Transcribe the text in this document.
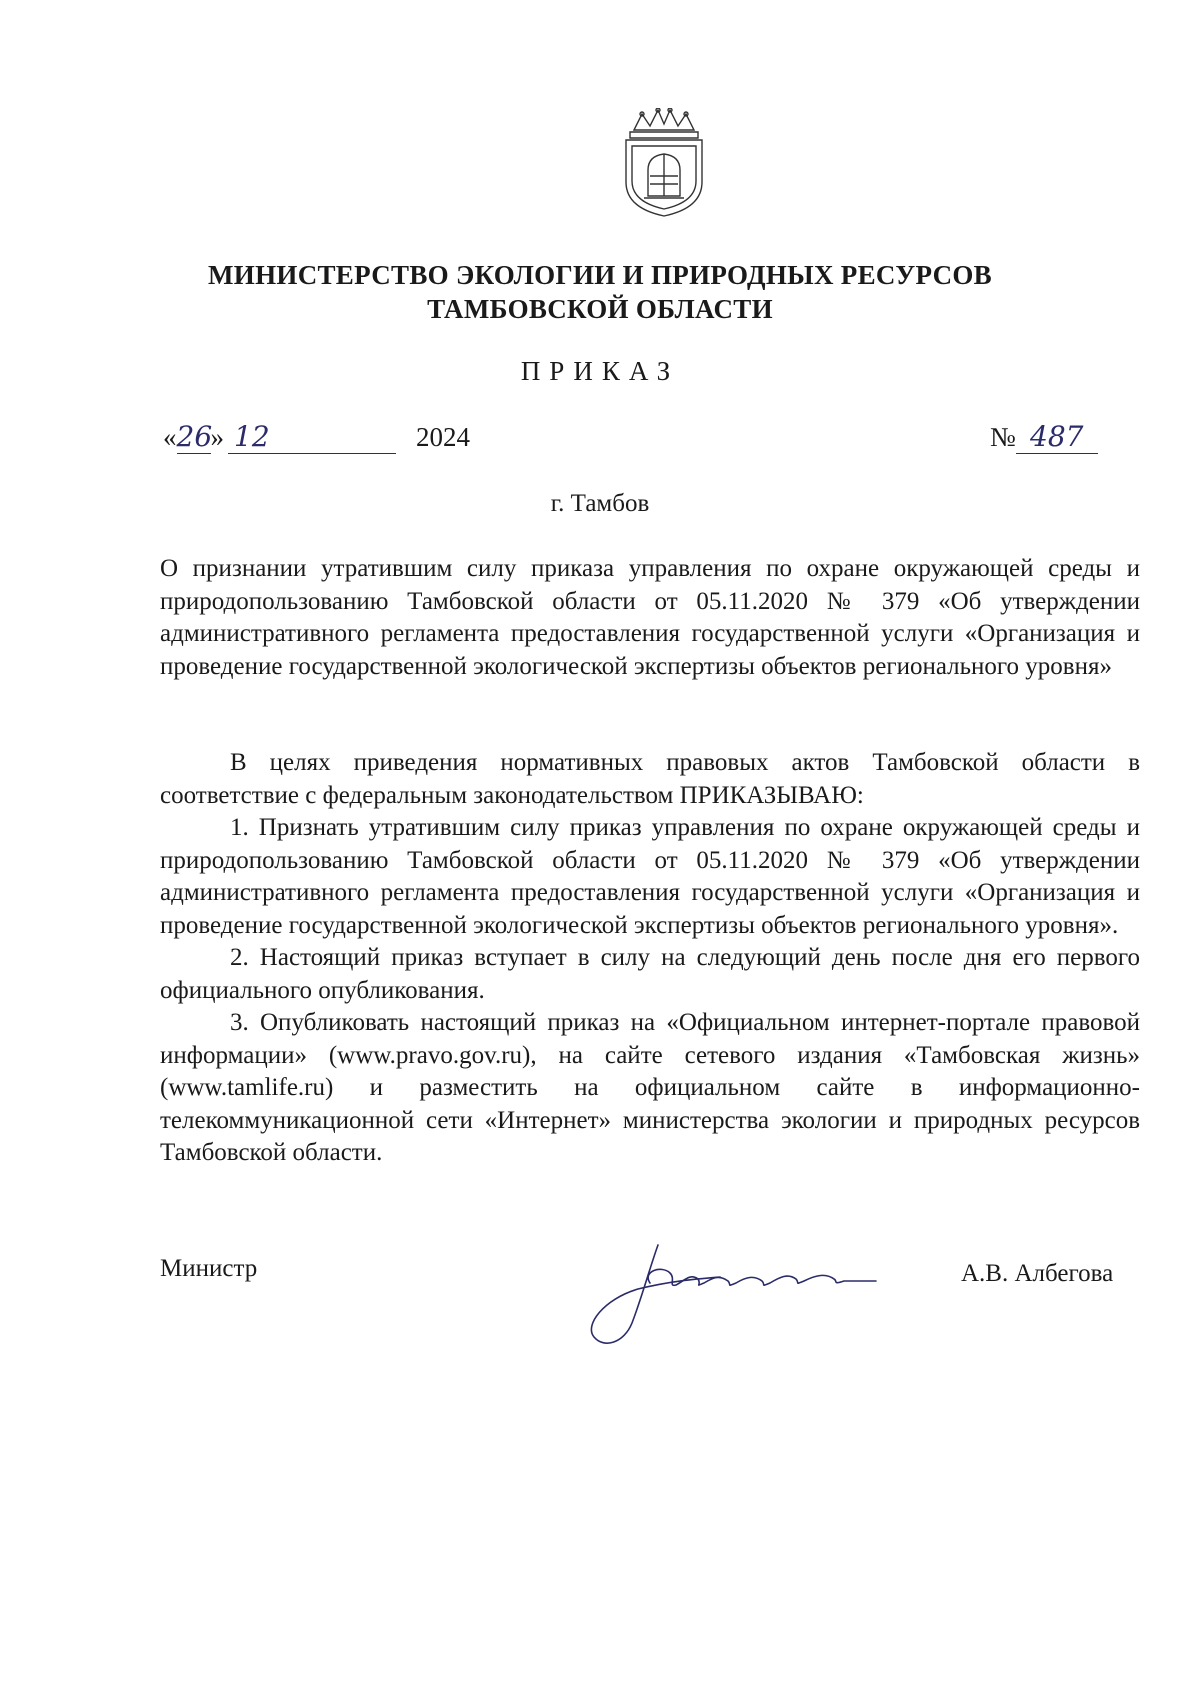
МИНИСТЕРСТВО ЭКОЛОГИИ И ПРИРОДНЫХ РЕСУРСОВ
ТАМБОВСКОЙ ОБЛАСТИ
ПРИКАЗ
«26» 12	2024	№ 487
г. Тамбов
О признании утратившим силу приказа управления по охране окружающей среды и природопользованию Тамбовской области от 05.11.2020 № 379 «Об утверждении административного регламента предоставления государственной услуги «Организация и проведение государственной экологической экспертизы объектов регионального уровня»

В целях приведения нормативных правовых актов Тамбовской области в соответствие с федеральным законодательством ПРИКАЗЫВАЮ:

1. Признать утратившим силу приказ управления по охране окружающей среды и природопользованию Тамбовской области от 05.11.2020 № 379 «Об утверждении административного регламента предоставления государственной услуги «Организация и проведение государственной экологической экспертизы объектов регионального уровня».

2. Настоящий приказ вступает в силу на следующий день после дня его первого официального опубликования.

3. Опубликовать настоящий приказ на «Официальном интернет-портале правовой информации» (www.pravo.gov.ru), на сайте сетевого издания «Тамбовская жизнь» (www.tamlife.ru) и разместить на официальном сайте в информационно-телекоммуникационной сети «Интернет» министерства экологии и природных ресурсов Тамбовской области.

Министр	А.В. Албегова
